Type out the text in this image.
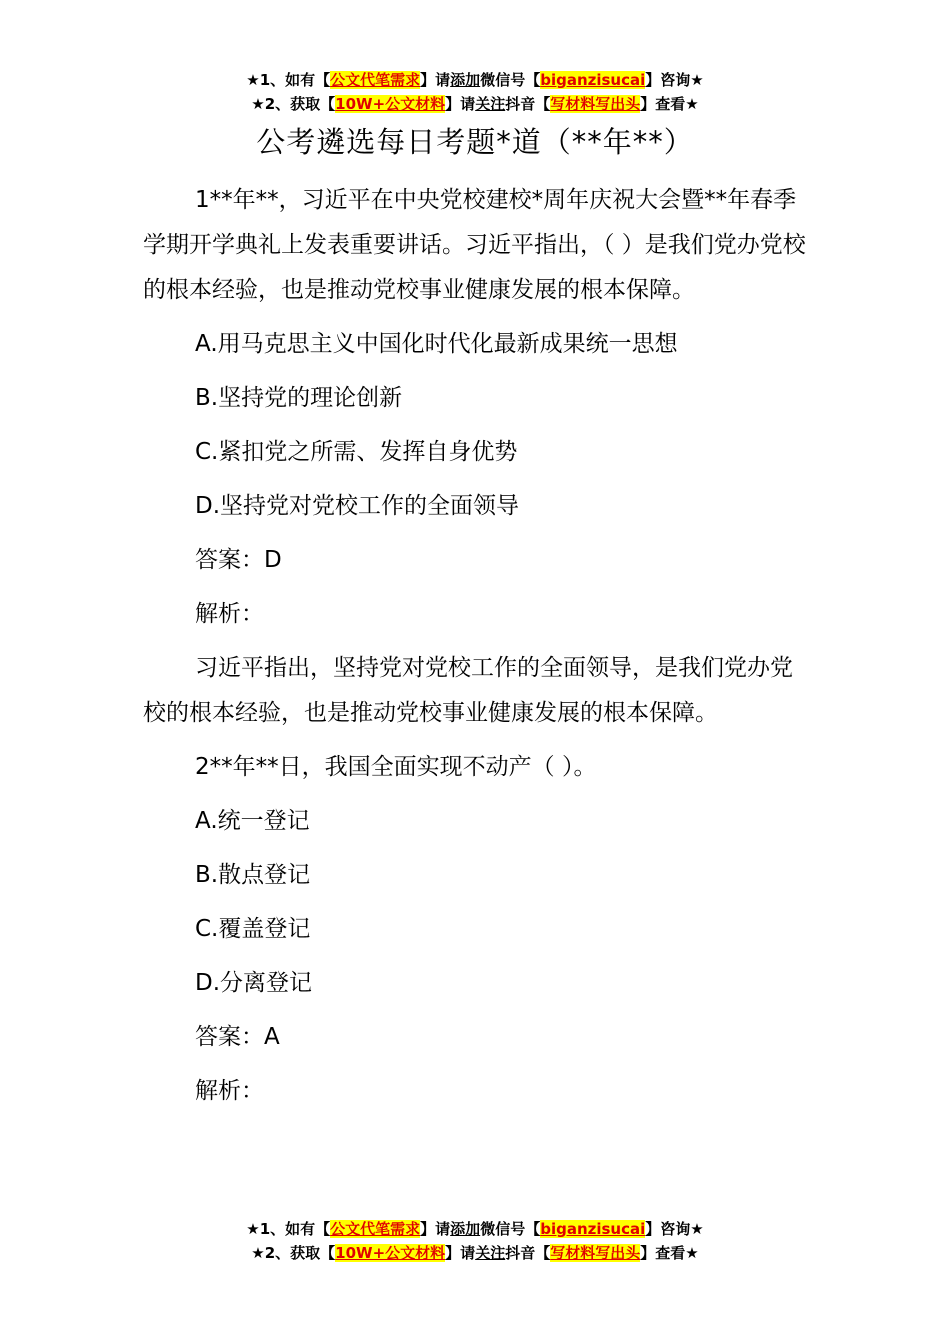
★1、如有【公文代笔需求】请添加微信号【biganzisucai】咨询★
★2、获取【10W+公文材料】请关注抖音【写材料写出头】查看★
公考遴选每日考题*道（**年**）

1**年**，习近平在中央党校建校*周年庆祝大会暨**年春季学期开学典礼上发表重要讲话。习近平指出，（ ）是我们党办党校的根本经验，也是推动党校事业健康发展的根本保障。

A.用马克思主义中国化时代化最新成果统一思想

B.坚持党的理论创新

C.紧扣党之所需、发挥自身优势

D.坚持党对党校工作的全面领导

答案：D

解析：

习近平指出，坚持党对党校工作的全面领导，是我们党办党校的根本经验，也是推动党校事业健康发展的根本保障。

2**年**日，我国全面实现不动产（ ）。

A.统一登记

B.散点登记

C.覆盖登记

D.分离登记

答案：A

解析：

★1、如有【公文代笔需求】请添加微信号【biganzisucai】咨询★
★2、获取【10W+公文材料】请关注抖音【写材料写出头】查看★
